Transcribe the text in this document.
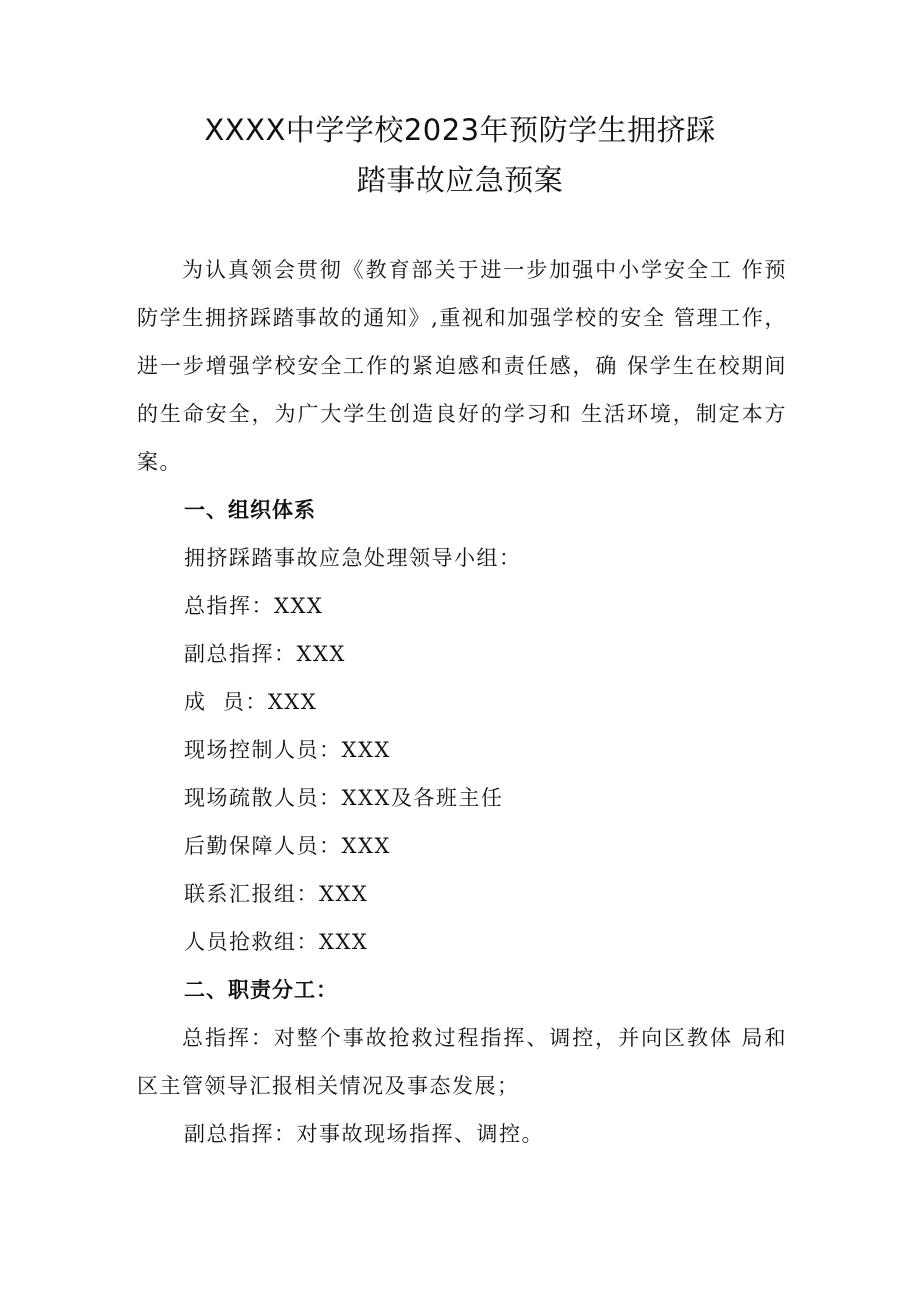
XXXX中学学校2023年预防学生拥挤踩
踏事故应急预案
为认真领会贯彻《教育部关于进一步加强中小学安全工 作预防学生拥挤踩踏事故的通知》,重视和加强学校的安全 管理工作，进一步增强学校安全工作的紧迫感和责任感，确 保学生在校期间的生命安全，为广大学生创造良好的学习和 生活环境，制定本方案。
一、组织体系
拥挤踩踏事故应急处理领导小组：
总指挥：XXX
副总指挥：XXX
成  员：XXX
现场控制人员：XXX
现场疏散人员：XXX及各班主任
后勤保障人员：XXX
联系汇报组：XXX
人员抢救组：XXX
二、职责分工：
总指挥：对整个事故抢救过程指挥、调控，并向区教体 局和区主管领导汇报相关情况及事态发展；
副总指挥：对事故现场指挥、调控。
